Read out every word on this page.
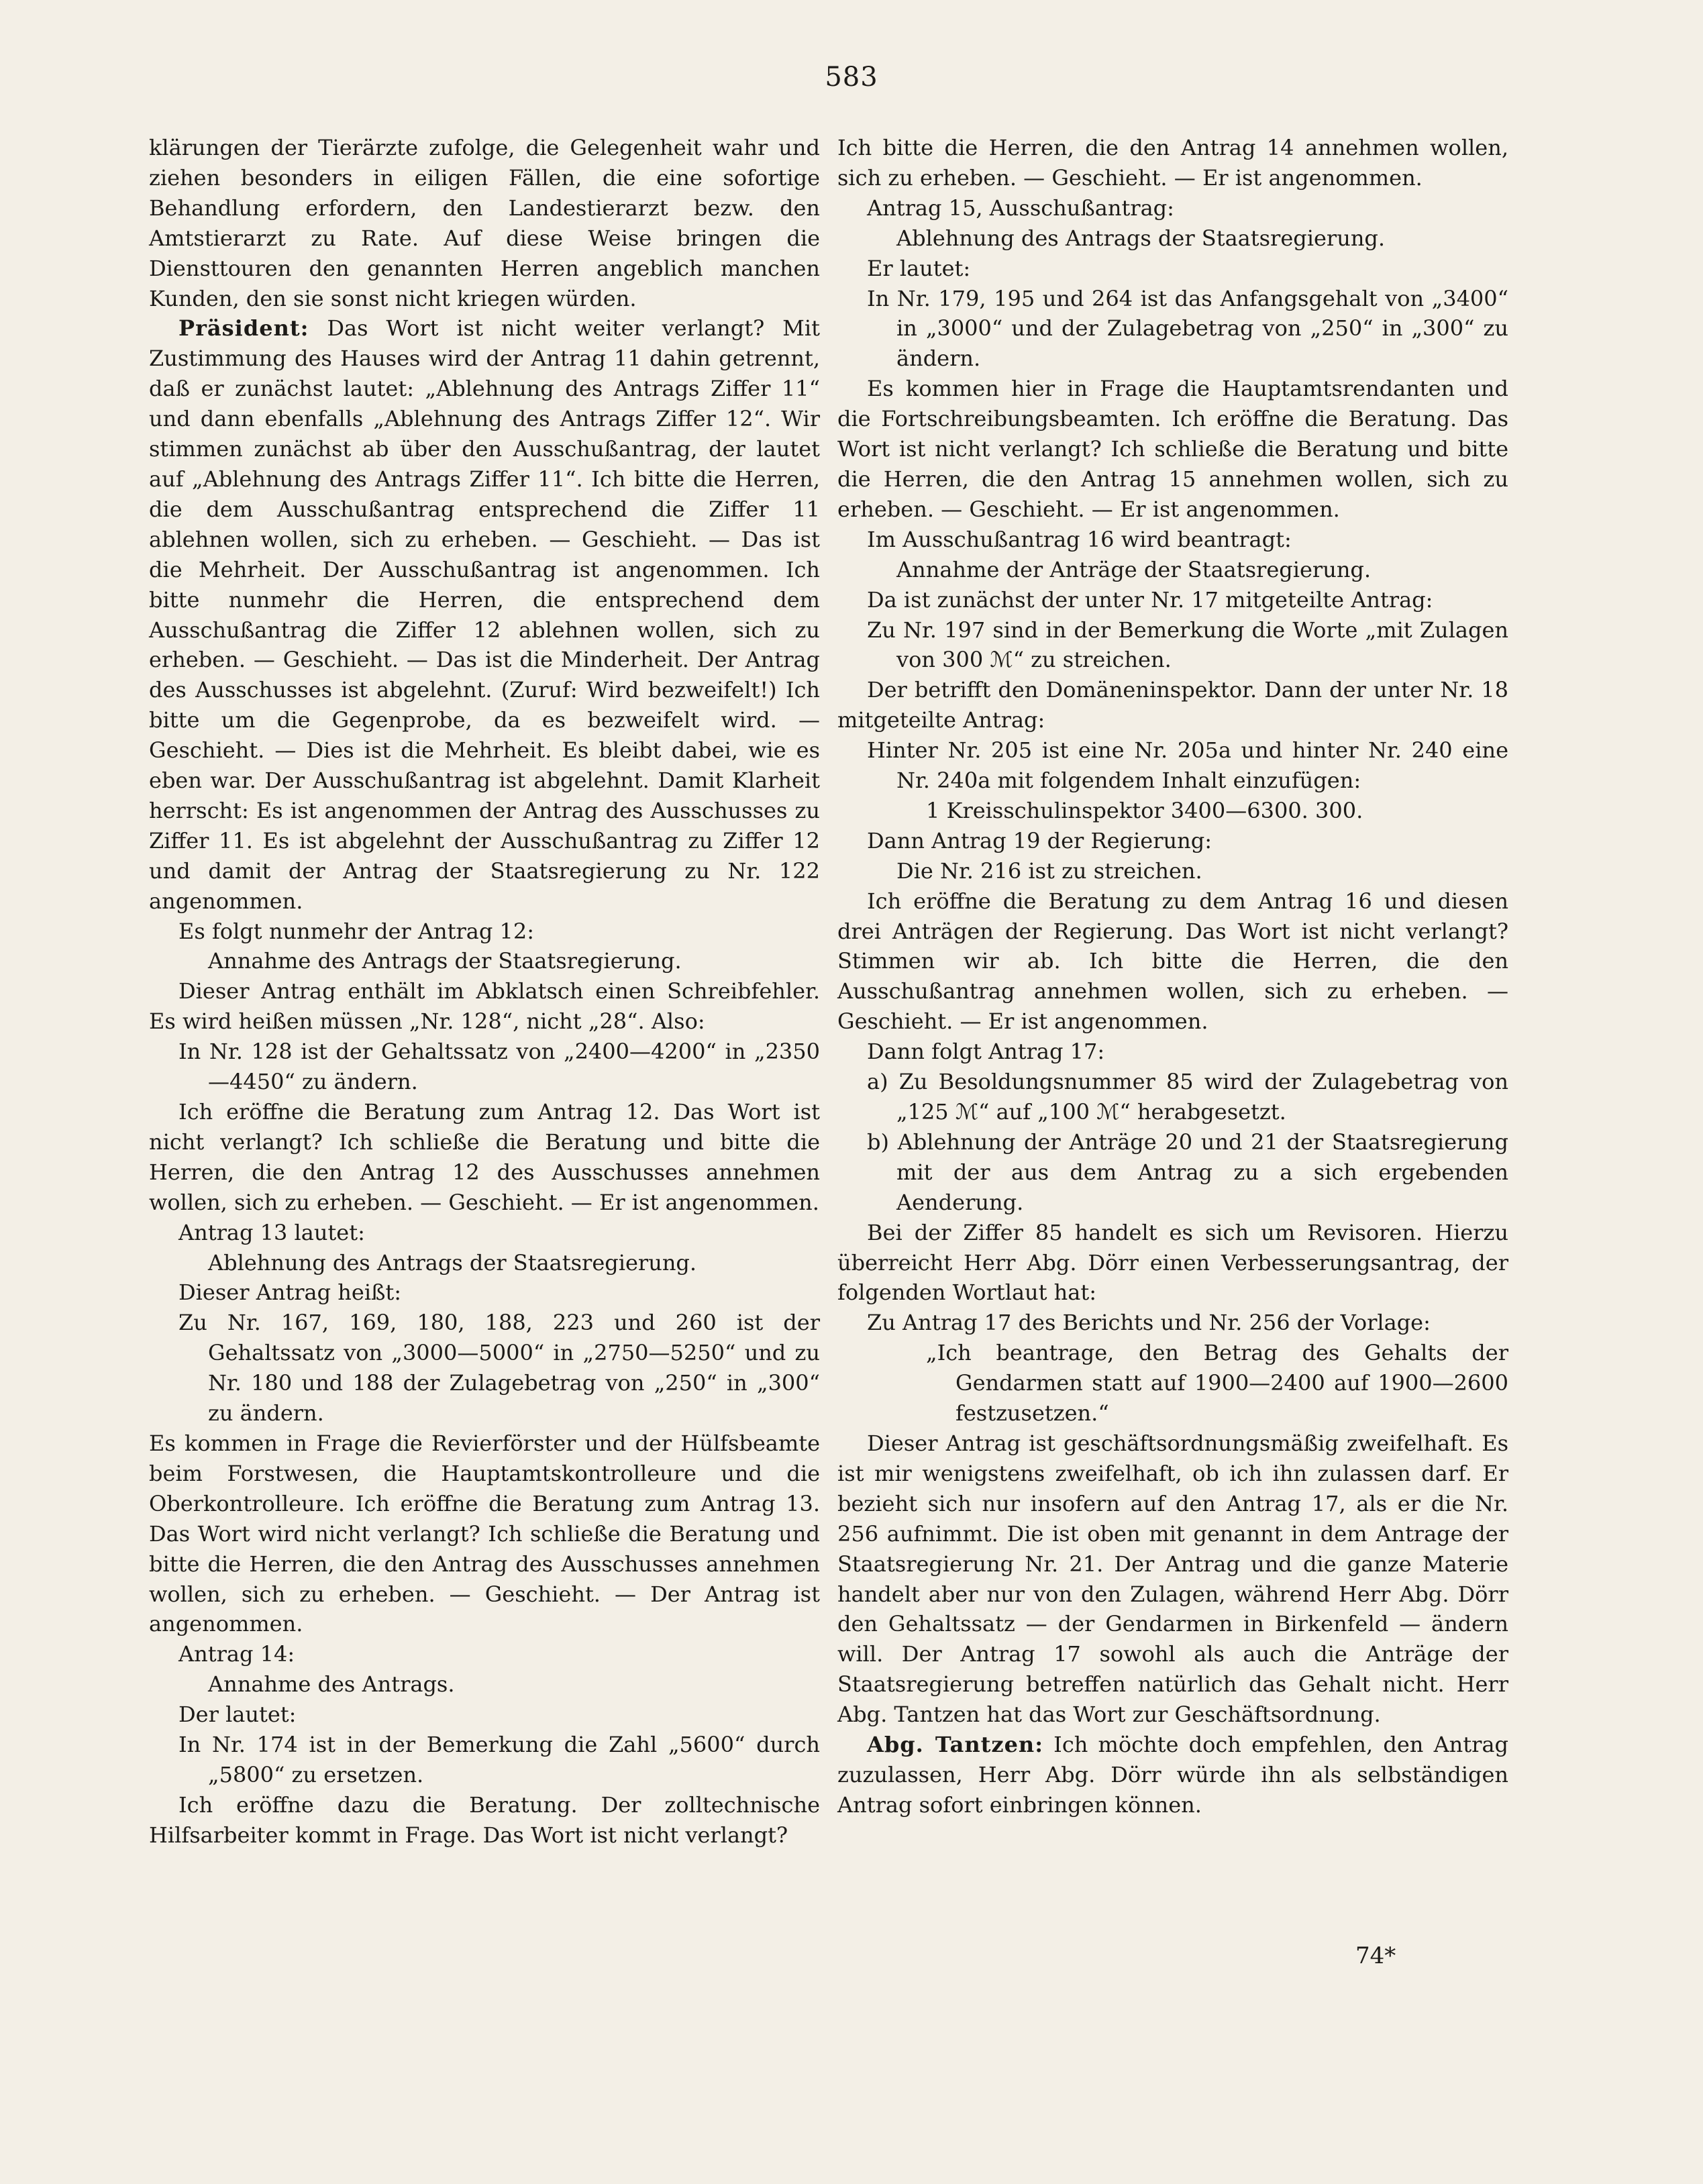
583

klärungen der Tierärzte zufolge, die Gelegenheit wahr und ziehen besonders in eiligen Fällen, die eine sofortige Behandlung erfordern, den Landestierarzt bezw. den Amtstierarzt zu Rate. Auf diese Weise bringen die Diensttouren den genannten Herren angeblich manchen Kunden, den sie sonst nicht kriegen würden.

Präsident: Das Wort ist nicht weiter verlangt? Mit Zustimmung des Hauses wird der Antrag 11 dahin getrennt, daß er zunächst lautet: „Ablehnung des Antrags Ziffer 11“ und dann ebenfalls „Ablehnung des Antrags Ziffer 12“. Wir stimmen zunächst ab über den Ausschußantrag, der lautet auf „Ablehnung des Antrags Ziffer 11“. Ich bitte die Herren, die dem Ausschußantrag entsprechend die Ziffer 11 ablehnen wollen, sich zu erheben. — Geschieht. — Das ist die Mehrheit. Der Ausschußantrag ist angenommen. Ich bitte nunmehr die Herren, die entsprechend dem Ausschußantrag die Ziffer 12 ablehnen wollen, sich zu erheben. — Geschieht. — Das ist die Minderheit. Der Antrag des Ausschusses ist abgelehnt. (Zuruf: Wird bezweifelt!) Ich bitte um die Gegenprobe, da es bezweifelt wird. — Geschieht. — Dies ist die Mehrheit. Es bleibt dabei, wie es eben war. Der Ausschußantrag ist abgelehnt. Damit Klarheit herrscht: Es ist angenommen der Antrag des Ausschusses zu Ziffer 11. Es ist abgelehnt der Ausschußantrag zu Ziffer 12 und damit der Antrag der Staatsregierung zu Nr. 122 angenommen.

Es folgt nunmehr der Antrag 12:

Annahme des Antrags der Staatsregierung.

Dieser Antrag enthält im Abklatsch einen Schreibfehler. Es wird heißen müssen „Nr. 128“, nicht „28“. Also:

In Nr. 128 ist der Gehaltssatz von „2400—4200“ in „2350—4450“ zu ändern.

Ich eröffne die Beratung zum Antrag 12. Das Wort ist nicht verlangt? Ich schließe die Beratung und bitte die Herren, die den Antrag 12 des Ausschusses annehmen wollen, sich zu erheben. — Geschieht. — Er ist angenommen.

Antrag 13 lautet:

Ablehnung des Antrags der Staatsregierung.

Dieser Antrag heißt:

Zu Nr. 167, 169, 180, 188, 223 und 260 ist der Gehaltssatz von „3000—5000“ in „2750—5250“ und zu Nr. 180 und 188 der Zulagebetrag von „250“ in „300“ zu ändern.

Es kommen in Frage die Revierförster und der Hülfsbeamte beim Forstwesen, die Hauptamtskontrolleure und die Oberkontrolleure. Ich eröffne die Beratung zum Antrag 13. Das Wort wird nicht verlangt? Ich schließe die Beratung und bitte die Herren, die den Antrag des Ausschusses annehmen wollen, sich zu erheben. — Geschieht. — Der Antrag ist angenommen.

Antrag 14:

Annahme des Antrags.

Der lautet:

In Nr. 174 ist in der Bemerkung die Zahl „5600“ durch „5800“ zu ersetzen.

Ich eröffne dazu die Beratung. Der zolltechnische Hilfsarbeiter kommt in Frage. Das Wort ist nicht verlangt?

Ich bitte die Herren, die den Antrag 14 annehmen wollen, sich zu erheben. — Geschieht. — Er ist angenommen.

Antrag 15, Ausschußantrag:

Ablehnung des Antrags der Staatsregierung.

Er lautet:

In Nr. 179, 195 und 264 ist das Anfangsgehalt von „3400“ in „3000“ und der Zulagebetrag von „250“ in „300“ zu ändern.

Es kommen hier in Frage die Hauptamtsrendanten und die Fortschreibungsbeamten. Ich eröffne die Beratung. Das Wort ist nicht verlangt? Ich schließe die Beratung und bitte die Herren, die den Antrag 15 annehmen wollen, sich zu erheben. — Geschieht. — Er ist angenommen.

Im Ausschußantrag 16 wird beantragt:

Annahme der Anträge der Staatsregierung.

Da ist zunächst der unter Nr. 17 mitgeteilte Antrag:

Zu Nr. 197 sind in der Bemerkung die Worte „mit Zulagen von 300 ℳ“ zu streichen.

Der betrifft den Domäneninspektor. Dann der unter Nr. 18 mitgeteilte Antrag:

Hinter Nr. 205 ist eine Nr. 205a und hinter Nr. 240 eine Nr. 240a mit folgendem Inhalt einzufügen:

1 Kreisschulinspektor 3400—6300. 300.

Dann Antrag 19 der Regierung:

Die Nr. 216 ist zu streichen.

Ich eröffne die Beratung zu dem Antrag 16 und diesen drei Anträgen der Regierung. Das Wort ist nicht verlangt? Stimmen wir ab. Ich bitte die Herren, die den Ausschußantrag annehmen wollen, sich zu erheben. — Geschieht. — Er ist angenommen.

Dann folgt Antrag 17:

a) Zu Besoldungsnummer 85 wird der Zulagebetrag von „125 ℳ“ auf „100 ℳ“ herabgesetzt.

b) Ablehnung der Anträge 20 und 21 der Staatsregierung mit der aus dem Antrag zu a sich ergebenden Aenderung.

Bei der Ziffer 85 handelt es sich um Revisoren. Hierzu überreicht Herr Abg. Dörr einen Verbesserungsantrag, der folgenden Wortlaut hat:

Zu Antrag 17 des Berichts und Nr. 256 der Vorlage:

„Ich beantrage, den Betrag des Gehalts der Gendarmen statt auf 1900—2400 auf 1900—2600 festzusetzen.“

Dieser Antrag ist geschäftsordnungsmäßig zweifelhaft. Es ist mir wenigstens zweifelhaft, ob ich ihn zulassen darf. Er bezieht sich nur insofern auf den Antrag 17, als er die Nr. 256 aufnimmt. Die ist oben mit genannt in dem Antrage der Staatsregierung Nr. 21. Der Antrag und die ganze Materie handelt aber nur von den Zulagen, während Herr Abg. Dörr den Gehaltssatz — der Gendarmen in Birkenfeld — ändern will. Der Antrag 17 sowohl als auch die Anträge der Staatsregierung betreffen natürlich das Gehalt nicht. Herr Abg. Tantzen hat das Wort zur Geschäftsordnung.

Abg. Tantzen: Ich möchte doch empfehlen, den Antrag zuzulassen, Herr Abg. Dörr würde ihn als selbständigen Antrag sofort einbringen können.

74*
